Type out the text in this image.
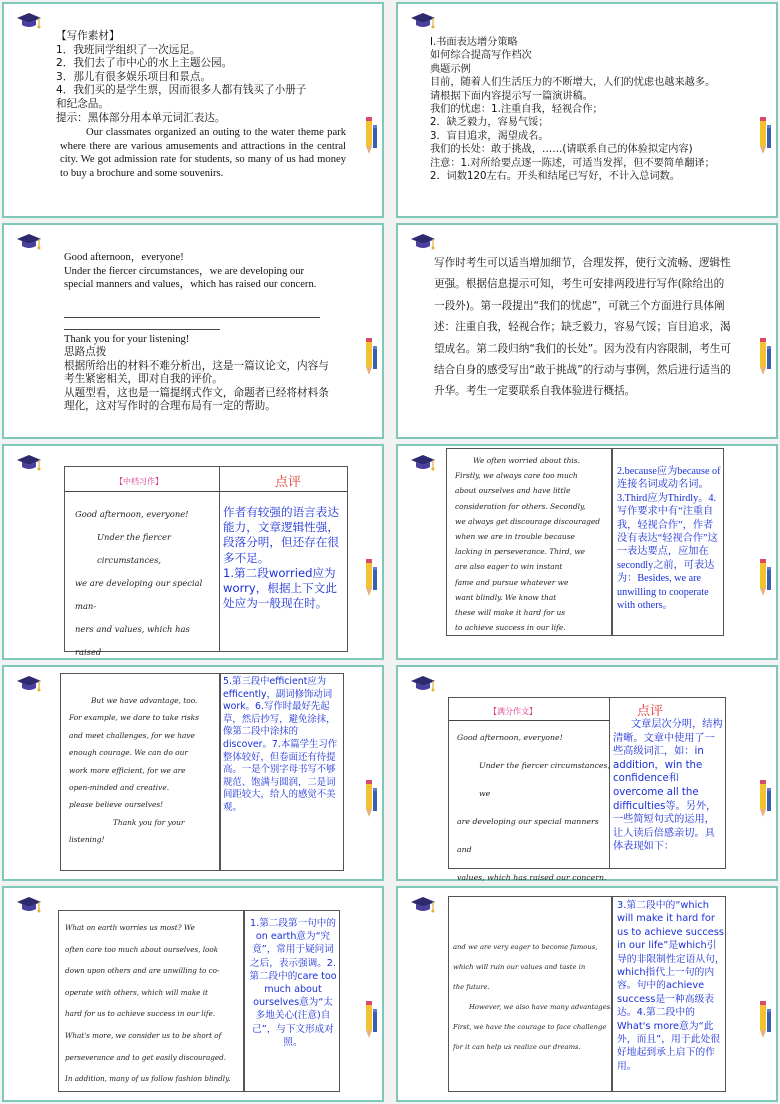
【写作素材】
1．我班同学组织了一次远足。
2．我们去了市中心的水上主题公园。
3．那儿有很多娱乐项目和景点。
4．我们买的是学生票，因而很多人都有钱买了小册子
和纪念品。
提示：黑体部分用本单元词汇表达。
Our classmates organized an outing to the water theme park where there are various amusements and attractions in the central city. We got admission rate for students, so many of us had money to buy a brochure and some souvenirs.
Ⅰ.书面表达增分策略
如何综合提高写作档次
典题示例
目前，随着人们生活压力的不断增大，人们的忧虑也越来越多。
请根据下面内容提示写一篇演讲稿。
我们的忧虑：1.注重自我，轻视合作；
2．缺乏毅力，容易气馁；
3．盲目追求，渴望成名。
我们的长处：敢于挑战，……(请联系自己的体验拟定内容)
注意：1.对所给要点逐一陈述，可适当发挥，但不要简单翻译；
2．词数120左右。开头和结尾已写好，不计入总词数。
Good afternoon，everyone!
Under the fiercer circumstances，we are developing our special manners and values，which has raised our concern.
Thank you for your listening!
思路点拨
根据所给出的材料不难分析出，这是一篇议论文，内容与考生紧密相关，即对自我的评价。
从题型看，这也是一篇提纲式作文，命题者已经将材料条理化，这对写作时的合理布局有一定的帮助。
写作时考生可以适当增加细节，合理发挥，使行文流畅、逻辑性更强。根据信息提示可知，考生可安排两段进行写作(除给出的一段外)。第一段提出“我们的忧虑”，可就三个方面进行具体阐述：注重自我，轻视合作；缺乏毅力，容易气馁；盲目追求，渴望成名。第二段归纳“我们的长处”。因为没有内容限制，考生可结合自身的感受写出“敢于挑战”的行动与事例，然后进行适当的升华。考生一定要联系自我体验进行概括。
【中档习作】	点评
Good afternoon, everyone!
Under the fiercer circumstances,
we are developing our special man-
ners and values, which has raised
作者有较强的语言表达能力，文章逻辑性强，段落分明，但还存在很多不足。
1.第二段worried应为worry，根据上下文此处应为一般现在时。
We often worried about this.
Firstly, we always care too much
about ourselves and have little
consideration for others. Secondly,
we always get discourage discouraged
when we are in trouble because
lacking in perseverance. Third, we
are also eager to win instant
fame and pursue whatever we
want blindly. We know that
these will make it hard for us
to achieve success in our life.
2.because应为because of连接名词或动名词。3.Third应为Thirdly。4.写作要求中有“注重自我，轻视合作”，作者没有表达“轻视合作”这一表达要点，应加在secondly之前，可表达为：Besides, we are unwilling to cooperate with others。
But we have advantage, too.
For example, we dare to take risks
and meet challenges, for we have
enough courage. We can do our
work more efficient, for we are
open-minded and creative.
please believe ourselves!
Thank you for your
listening!
5.第三段中efficient应为efficently，副词修饰动词work。6.写作时最好先起草，然后抄写，避免涂抹，像第二段中涂抹的discover。7.本篇学生习作整体较好，但卷面还有待提高。一是个别字母书写不够规范、饱满与圆润，二是词间距较大，给人的感觉不美观。
【满分作文】	点评
Good afternoon, everyone!
Under the fiercer circumstances, we
are developing our special manners and
values, which has raised our concern.
文章层次分明，结构清晰。文章中使用了一些高级词汇，如：in addition，win the confidence和overcome all the difficulties等。另外，一些简短句式的运用，让人读后倍感亲切。具体表现如下：
What on earth worries us most? We
often care too much about ourselves, look
down upon others and are unwilling to co-
operate with others, which will make it
hard for us to achieve success in our life.
What's more, we consider us to be short of
perseverance and to get easily discouraged.
In addition, many of us follow fashion blindly.
1.第二段第一句中的on earth意为“究竟”，常用于疑问词之后，表示强调。2.第二段中的care too much about ourselves意为“太多地关心(注意)自己”，与下文形成对照。
and we are very eager to become famous,
which will ruin our values and taste in
the future.
However, we also have many advantages.
First, we have the courage to face challenge
for it can help us realize our dreams.
3.第二段中的“which will make it hard for us to achieve success in our life”是which引导的非限制性定语从句，which指代上一句的内容。句中的achieve success是一种高级表达。4.第二段中的What's more意为“此外，而且”，用于此处很好地起到承上启下的作用。
